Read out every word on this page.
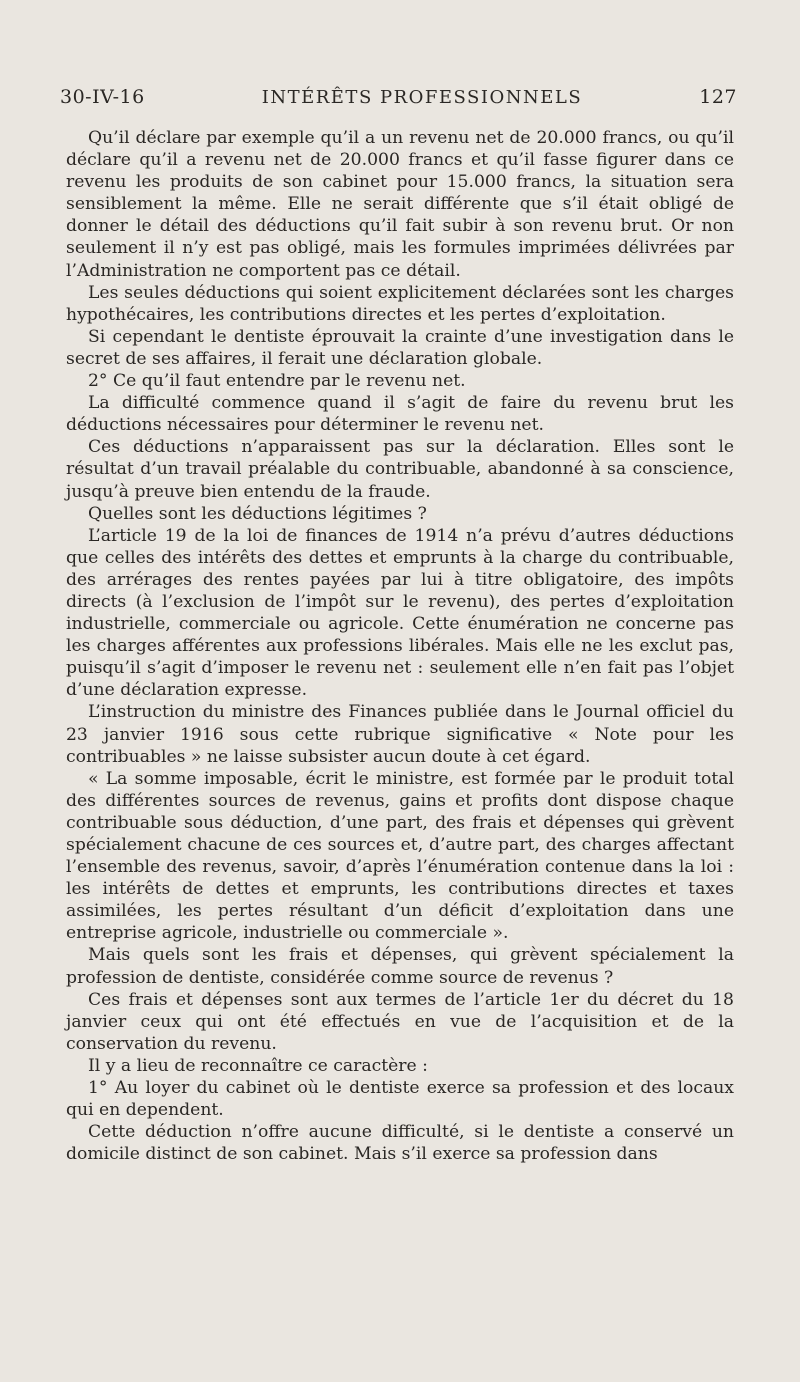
30-IV-16	INTÉRÊTS PROFESSIONNELS	127

Qu’il déclare par exemple qu’il a un revenu net de 20.000 francs, ou qu’il déclare qu’il a revenu net de 20.000 francs et qu’il fasse figurer dans ce revenu les produits de son cabinet pour 15.000 francs, la situation sera sensiblement la même. Elle ne serait différente que s’il était obligé de donner le détail des déductions qu’il fait subir à son revenu brut. Or non seulement il n’y est pas obligé, mais les formules imprimées délivrées par l’Administration ne comportent pas ce détail.

Les seules déductions qui soient explicitement déclarées sont les charges hypothécaires, les contributions directes et les pertes d’exploitation.

Si cependant le dentiste éprouvait la crainte d’une investigation dans le secret de ses affaires, il ferait une déclaration globale.

2° Ce qu’il faut entendre par le revenu net.

La difficulté commence quand il s’agit de faire du revenu brut les déductions nécessaires pour déterminer le revenu net.

Ces déductions n’apparaissent pas sur la déclaration. Elles sont le résultat d’un travail préalable du contribuable, abandonné à sa conscience, jusqu’à preuve bien entendu de la fraude.

Quelles sont les déductions légitimes ?

L’article 19 de la loi de finances de 1914 n’a prévu d’autres déductions que celles des intérêts des dettes et emprunts à la charge du contribuable, des arrérages des rentes payées par lui à titre obligatoire, des impôts directs (à l’exclusion de l’impôt sur le revenu), des pertes d’exploitation industrielle, commerciale ou agricole. Cette énumération ne concerne pas les charges afférentes aux professions libérales. Mais elle ne les exclut pas, puisqu’il s’agit d’imposer le revenu net : seulement elle n’en fait pas l’objet d’une déclaration expresse.

L’instruction du ministre des Finances publiée dans le Journal officiel du 23 janvier 1916 sous cette rubrique significative « Note pour les contribuables » ne laisse subsister aucun doute à cet égard.

« La somme imposable, écrit le ministre, est formée par le produit total des différentes sources de revenus, gains et profits dont dispose chaque contribuable sous déduction, d’une part, des frais et dépenses qui grèvent spécialement chacune de ces sources et, d’autre part, des charges affectant l’ensemble des revenus, savoir, d’après l’énumération contenue dans la loi : les intérêts de dettes et emprunts, les contributions directes et taxes assimilées, les pertes résultant d’un déficit d’exploitation dans une entreprise agricole, industrielle ou commerciale ».

Mais quels sont les frais et dépenses, qui grèvent spécialement la profession de dentiste, considérée comme source de revenus ?

Ces frais et dépenses sont aux termes de l’article 1er du décret du 18 janvier ceux qui ont été effectués en vue de l’acquisition et de la conservation du revenu.

Il y a lieu de reconnaître ce caractère :

1° Au loyer du cabinet où le dentiste exerce sa profession et des locaux qui en dependent.

Cette déduction n’offre aucune difficulté, si le dentiste a conservé un domicile distinct de son cabinet. Mais s’il exerce sa profession dans
